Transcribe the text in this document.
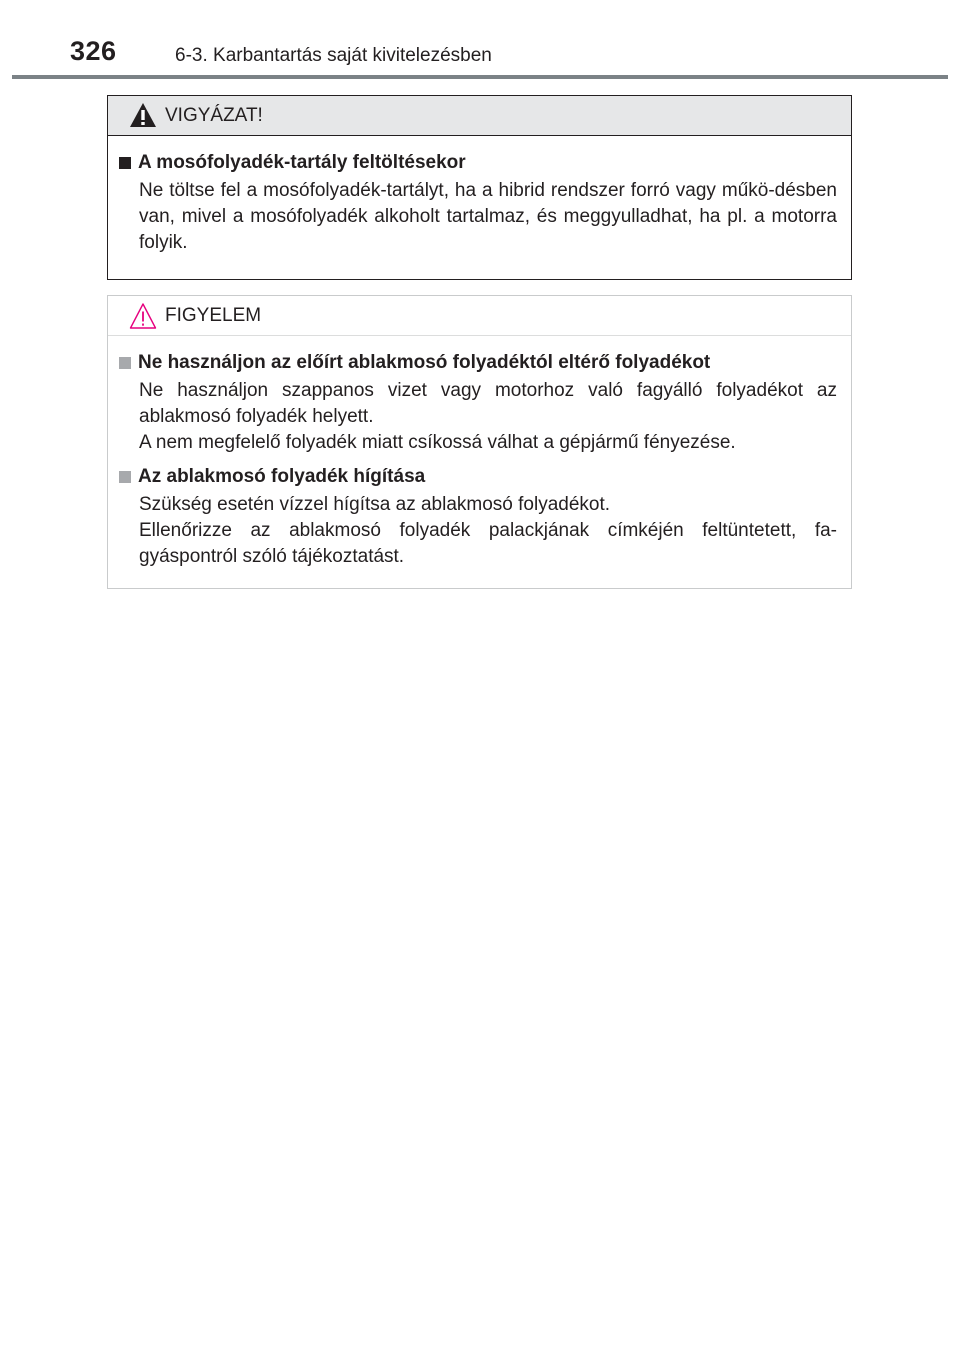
326	6-3. Karbantartás saját kivitelezésben
VIGYÁZAT!
A mosófolyadék-tartály feltöltésekor

Ne töltse fel a mosófolyadék-tartályt, ha a hibrid rendszer forró vagy műkö-désben van, mivel a mosófolyadék alkoholt tartalmaz, és meggyulladhat, ha pl. a motorra folyik.

FIGYELEM
Ne használjon az előírt ablakmosó folyadéktól eltérő folyadékot

Ne használjon szappanos vizet vagy motorhoz való fagyálló folyadékot az ablakmosó folyadék helyett.

A nem megfelelő folyadék miatt csíkossá válhat a gépjármű fényezése.

Az ablakmosó folyadék hígítása

Szükség esetén vízzel hígítsa az ablakmosó folyadékot.

Ellenőrizze az ablakmosó folyadék palackjának címkéjén feltüntetett, fa-gyáspontról szóló tájékoztatást.
